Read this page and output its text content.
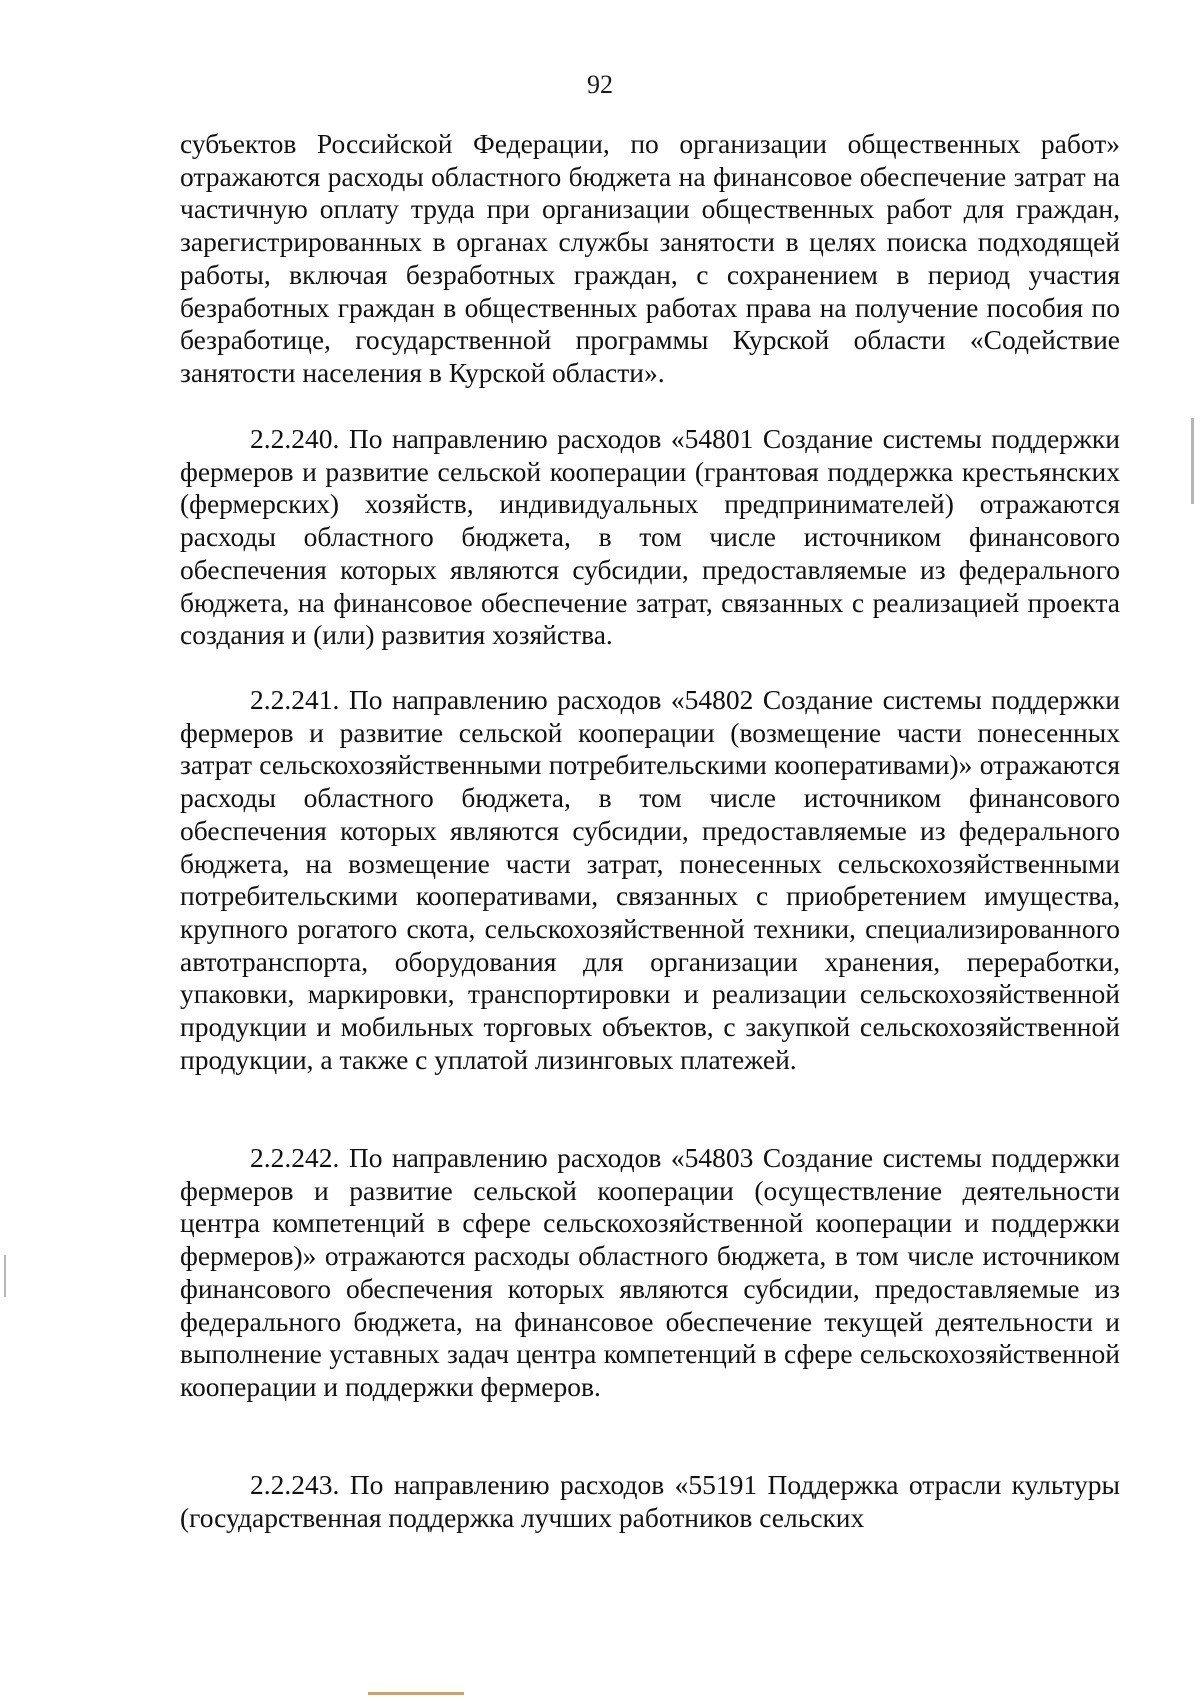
92

субъектов Российской Федерации, по организации общественных работ» отражаются расходы областного бюджета на финансовое обеспечение затрат на частичную оплату труда при организации общественных работ для граждан, зарегистрированных в органах службы занятости в целях поиска подходящей работы, включая безработных граждан, с сохранением в период участия безработных граждан в общественных работах права на получение пособия по безработице, государственной программы Курской области «Содействие занятости населения в Курской области».

2.2.240. По направлению расходов «54801 Создание системы поддержки фермеров и развитие сельской кооперации (грантовая поддержка крестьянских (фермерских) хозяйств, индивидуальных предпринимателей) отражаются расходы областного бюджета, в том числе источником финансового обеспечения которых являются субсидии, предоставляемые из федерального бюджета, на финансовое обеспечение затрат, связанных с реализацией проекта создания и (или) развития хозяйства.

2.2.241. По направлению расходов «54802 Создание системы поддержки фермеров и развитие сельской кооперации (возмещение части понесенных затрат сельскохозяйственными потребительскими кооперативами)» отражаются расходы областного бюджета, в том числе источником финансового обеспечения которых являются субсидии, предоставляемые из федерального бюджета, на возмещение части затрат, понесенных сельскохозяйственными потребительскими кооперативами, связанных с приобретением имущества, крупного рогатого скота, сельскохозяйственной техники, специализированного автотранспорта, оборудования для организации хранения, переработки, упаковки, маркировки, транспортировки и реализации сельскохозяйственной продукции и мобильных торговых объектов, с закупкой сельскохозяйственной продукции, а также с уплатой лизинговых платежей.

2.2.242. По направлению расходов «54803 Создание системы поддержки фермеров и развитие сельской кооперации (осуществление деятельности центра компетенций в сфере сельскохозяйственной кооперации и поддержки фермеров)» отражаются расходы областного бюджета, в том числе источником финансового обеспечения которых являются субсидии, предоставляемые из федерального бюджета, на финансовое обеспечение текущей деятельности и выполнение уставных задач центра компетенций в сфере сельскохозяйственной кооперации и поддержки фермеров.

2.2.243. По направлению расходов «55191 Поддержка отрасли культуры (государственная поддержка лучших работников сельских
